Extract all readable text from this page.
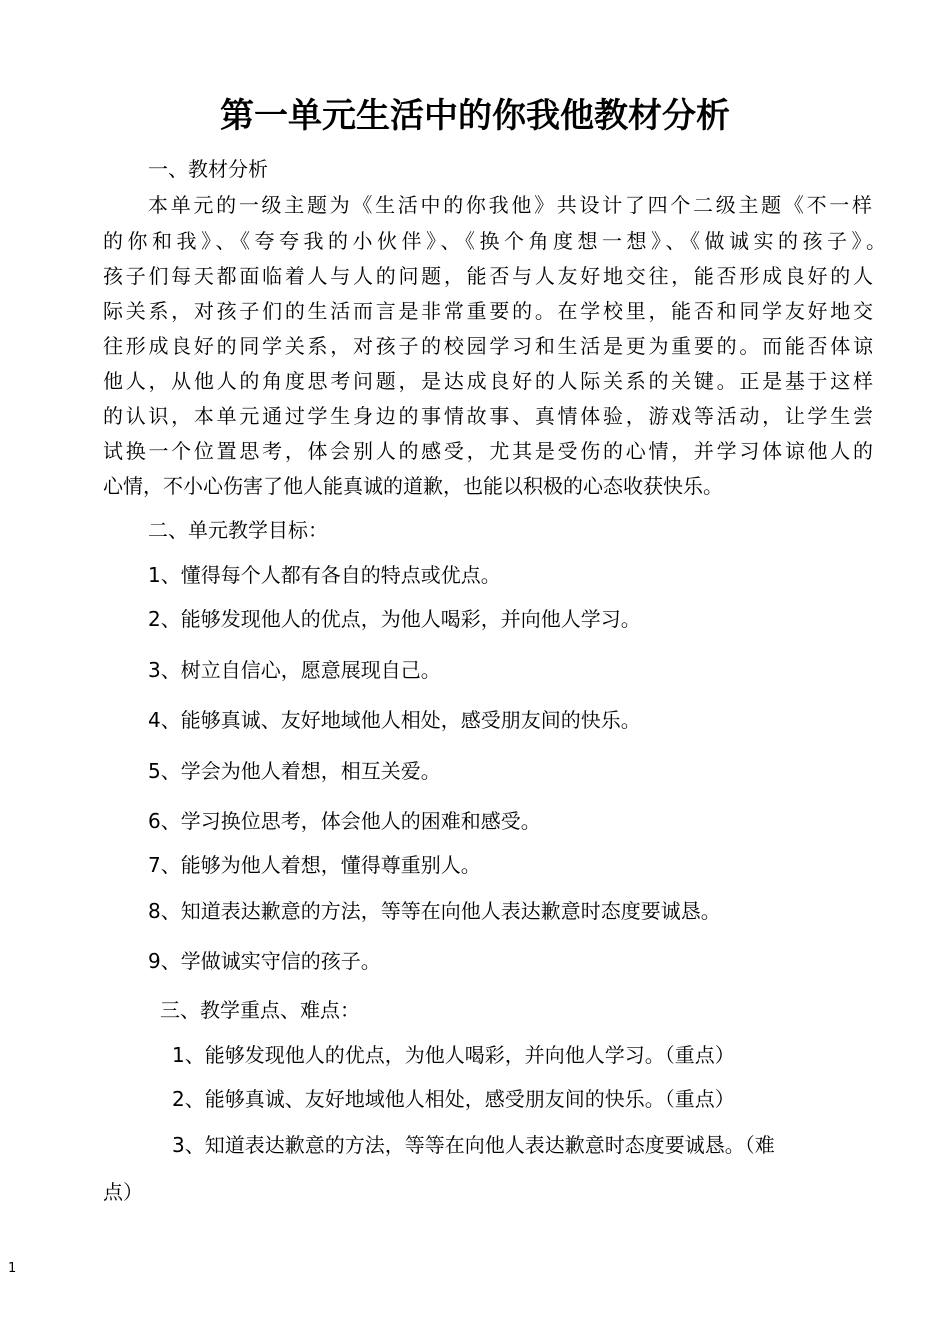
第一单元生活中的你我他教材分析
一、教材分析
本单元的一级主题为《生活中的你我他》共设计了四个二级主题《不一样
的你和我》、《夸夸我的小伙伴》、《换个角度想一想》、《做诚实的孩子》。
孩子们每天都面临着人与人的问题，能否与人友好地交往，能否形成良好的人
际关系，对孩子们的生活而言是非常重要的。在学校里，能否和同学友好地交
往形成良好的同学关系，对孩子的校园学习和生活是更为重要的。而能否体谅
他人，从他人的角度思考问题，是达成良好的人际关系的关键。正是基于这样
的认识，本单元通过学生身边的事情故事、真情体验，游戏等活动，让学生尝
试换一个位置思考，体会别人的感受，尤其是受伤的心情，并学习体谅他人的
心情，不小心伤害了他人能真诚的道歉，也能以积极的心态收获快乐。
二、单元教学目标：
1、懂得每个人都有各自的特点或优点。
2、能够发现他人的优点，为他人喝彩，并向他人学习。
3、树立自信心，愿意展现自己。
4、能够真诚、友好地域他人相处，感受朋友间的快乐。
5、学会为他人着想，相互关爱。
6、学习换位思考，体会他人的困难和感受。
7、能够为他人着想，懂得尊重别人。
8、知道表达歉意的方法，等等在向他人表达歉意时态度要诚恳。
9、学做诚实守信的孩子。
三、教学重点、难点：
1、能够发现他人的优点，为他人喝彩，并向他人学习。（重点）
2、能够真诚、友好地域他人相处，感受朋友间的快乐。（重点）
3、知道表达歉意的方法，等等在向他人表达歉意时态度要诚恳。（难
点）
1
